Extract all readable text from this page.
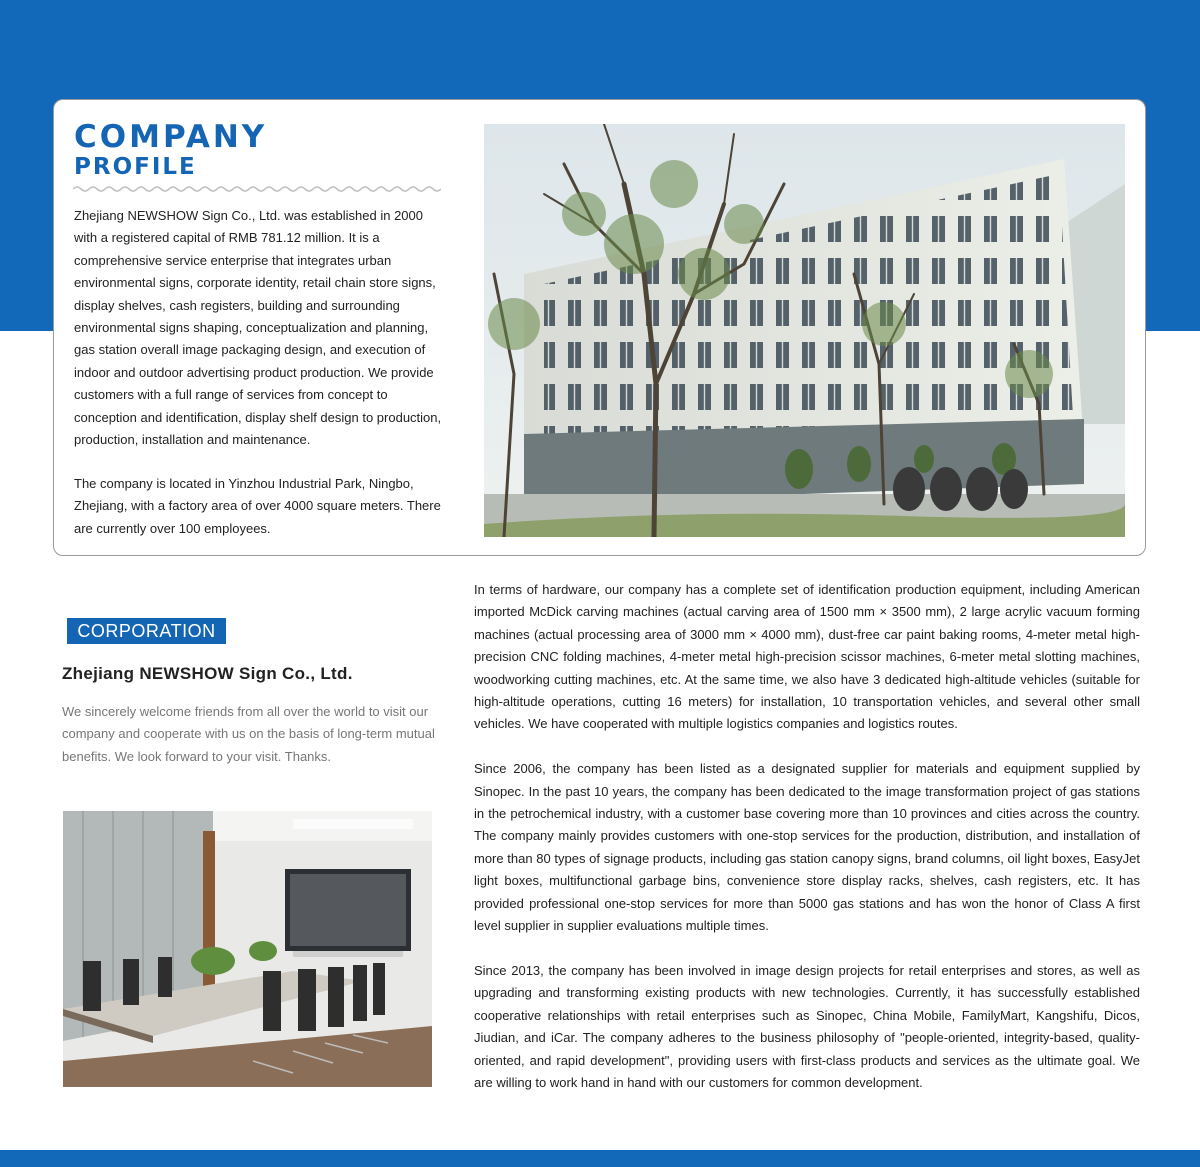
COMPANY
PROFILE

Zhejiang NEWSHOW Sign Co., Ltd. was established in 2000 with a registered capital of RMB 781.12 million. It is a comprehensive service enterprise that integrates urban environmental signs, corporate identity, retail chain store signs, display shelves, cash registers, building and surrounding environmental signs shaping, conceptualization and planning, gas station overall image packaging design, and execution of indoor and outdoor advertising product production. We provide customers with a full range of services from concept to conception and identification, display shelf design to production, production, installation and maintenance.

The company is located in Yinzhou Industrial Park, Ningbo, Zhejiang, with a factory area of over 4000 square meters. There are currently over 100 employees.

CORPORATION
Zhejiang NEWSHOW Sign Co., Ltd.

We sincerely welcome friends from all over the world to visit our company and cooperate with us on the basis of long-term mutual benefits. We look forward to your visit. Thanks.

In terms of hardware, our company has a complete set of identification production equipment, including American imported McDick carving machines (actual carving area of 1500 mm × 3500 mm), 2 large acrylic vacuum forming machines (actual processing area of 3000 mm × 4000 mm), dust-free car paint baking rooms, 4-meter metal high-precision CNC folding machines, 4-meter metal high-precision scissor machines, 6-meter metal slotting machines, woodworking cutting machines, etc. At the same time, we also have 3 dedicated high-altitude vehicles (suitable for high-altitude operations, cutting 16 meters) for installation, 10 transportation vehicles, and several other small vehicles. We have cooperated with multiple logistics companies and logistics routes.

Since 2006, the company has been listed as a designated supplier for materials and equipment supplied by Sinopec. In the past 10 years, the company has been dedicated to the image transformation project of gas stations in the petrochemical industry, with a customer base covering more than 10 provinces and cities across the country. The company mainly provides customers with one-stop services for the production, distribution, and installation of more than 80 types of signage products, including gas station canopy signs, brand columns, oil light boxes, EasyJet light boxes, multifunctional garbage bins, convenience store display racks, shelves, cash registers, etc. It has provided professional one-stop services for more than 5000 gas stations and has won the honor of Class A first level supplier in supplier evaluations multiple times.

Since 2013, the company has been involved in image design projects for retail enterprises and stores, as well as upgrading and transforming existing products with new technologies. Currently, it has successfully established cooperative relationships with retail enterprises such as Sinopec, China Mobile, FamilyMart, Kangshifu, Dicos, Jiudian, and iCar. The company adheres to the business philosophy of "people-oriented, integrity-based, quality-oriented, and rapid development", providing users with first-class products and services as the ultimate goal. We are willing to work hand in hand with our customers for common development.
